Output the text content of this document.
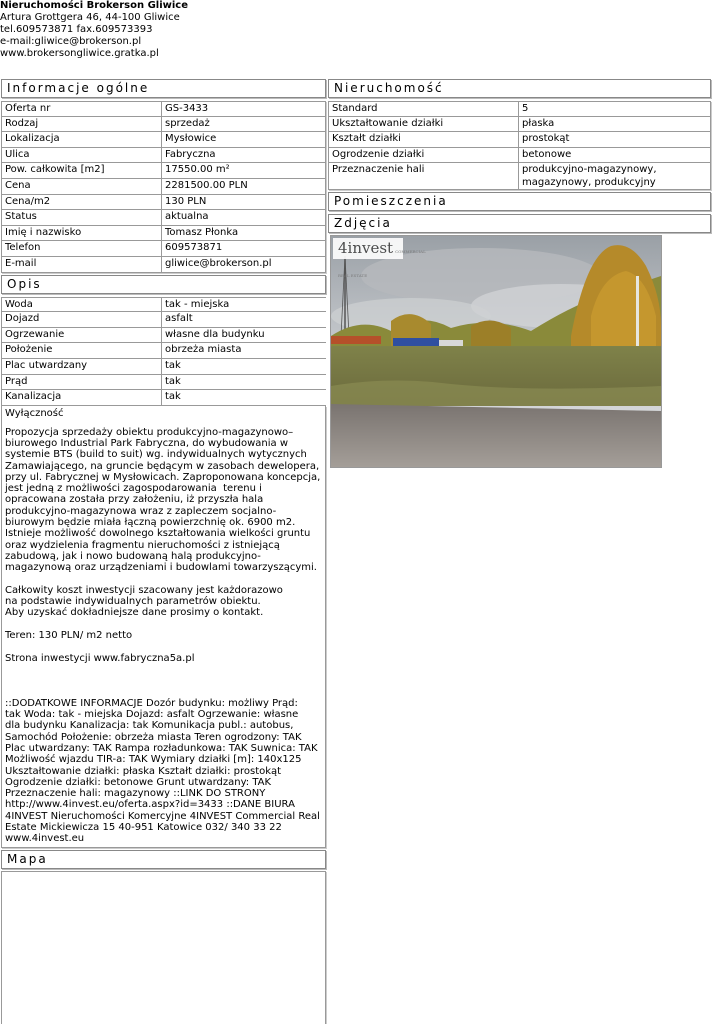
Nieruchomości Brokerson Gliwice
Artura Grottgera 46, 44-100 Gliwice
tel.609573871 fax.609573393
e-mail:gliwice@brokerson.pl
www.brokersongliwice.gratka.pl
Informacje ogólne
Oferta nr	GS-3433
Rodzaj	sprzedaż
Lokalizacja	Mysłowice
Ulica	Fabryczna
Pow. całkowita [m2]	17550.00 m²
Cena	2281500.00 PLN
Cena/m2	130 PLN
Status	aktualna
Imię i nazwisko	Tomasz Płonka
Telefon	609573871
E-mail	gliwice@brokerson.pl
Opis
Woda	tak - miejska
Dojazd	asfalt
Ogrzewanie	własne dla budynku
Położenie	obrzeża miasta
Plac utwardzany	tak
Prąd	tak
Kanalizacja	tak
Wyłączność
Propozycja sprzedaży obiektu produkcyjno-magazynowo–
biurowego Industrial Park Fabryczna, do wybudowania w
systemie BTS (build to suit) wg. indywidualnych wytycznych
Zamawiającego, na gruncie będącym w zasobach dewelopera,
przy ul. Fabrycznej w Mysłowicach. Zaproponowana koncepcja,
jest jedną z możliwości zagospodarowania  terenu i
opracowana została przy założeniu, iż przyszła hala
produkcyjno-magazynowa wraz z zapleczem socjalno-
biurowym będzie miała łączną powierzchnię ok. 6900 m2.
Istnieje możliwość dowolnego kształtowania wielkości gruntu
oraz wydzielenia fragmentu nieruchomości z istniejącą
zabudową, jak i nowo budowaną halą produkcyjno-
magazynową oraz urządzeniami i budowlami towarzyszącymi.

Całkowity koszt inwestycji szacowany jest każdorazowo
na podstawie indywidualnych parametrów obiektu.
Aby uzyskać dokładniejsze dane prosimy o kontakt.

Teren: 130 PLN/ m2 netto

Strona inwestycji www.fabryczna5a.pl

::DODATKOWE INFORMACJE Dozór budynku: możliwy Prąd:
tak Woda: tak - miejska Dojazd: asfalt Ogrzewanie: własne
dla budynku Kanalizacja: tak Komunikacja publ.: autobus,
Samochód Położenie: obrzeża miasta Teren ogrodzony: TAK
Plac utwardzany: TAK Rampa rozładunkowa: TAK Suwnica: TAK
Możliwość wjazdu TIR-a: TAK Wymiary działki [m]: 140x125
Ukształtowanie działki: płaska Kształt działki: prostokąt
Ogrodzenie działki: betonowe Grunt utwardzany: TAK
Przeznaczenie hali: magazynowy ::LINK DO STRONY
http://www.4invest.eu/oferta.aspx?id=3433 ::DANE BIURA
4INVEST Nieruchomości Komercyjne 4INVEST Commercial Real
Estate Mickiewicza 15 40-951 Katowice 032/ 340 33 22
www.4invest.eu
Mapa
Nieruchomość
Standard	5
Ukształtowanie działki	płaska
Kształt działki	prostokąt
Ogrodzenie działki	betonowe
Przeznaczenie hali	produkcyjno-magazynowy,
magazynowy, produkcyjny
Pomieszczenia
Zdjęcia
4invest COMMERCIAL REAL ESTATE
